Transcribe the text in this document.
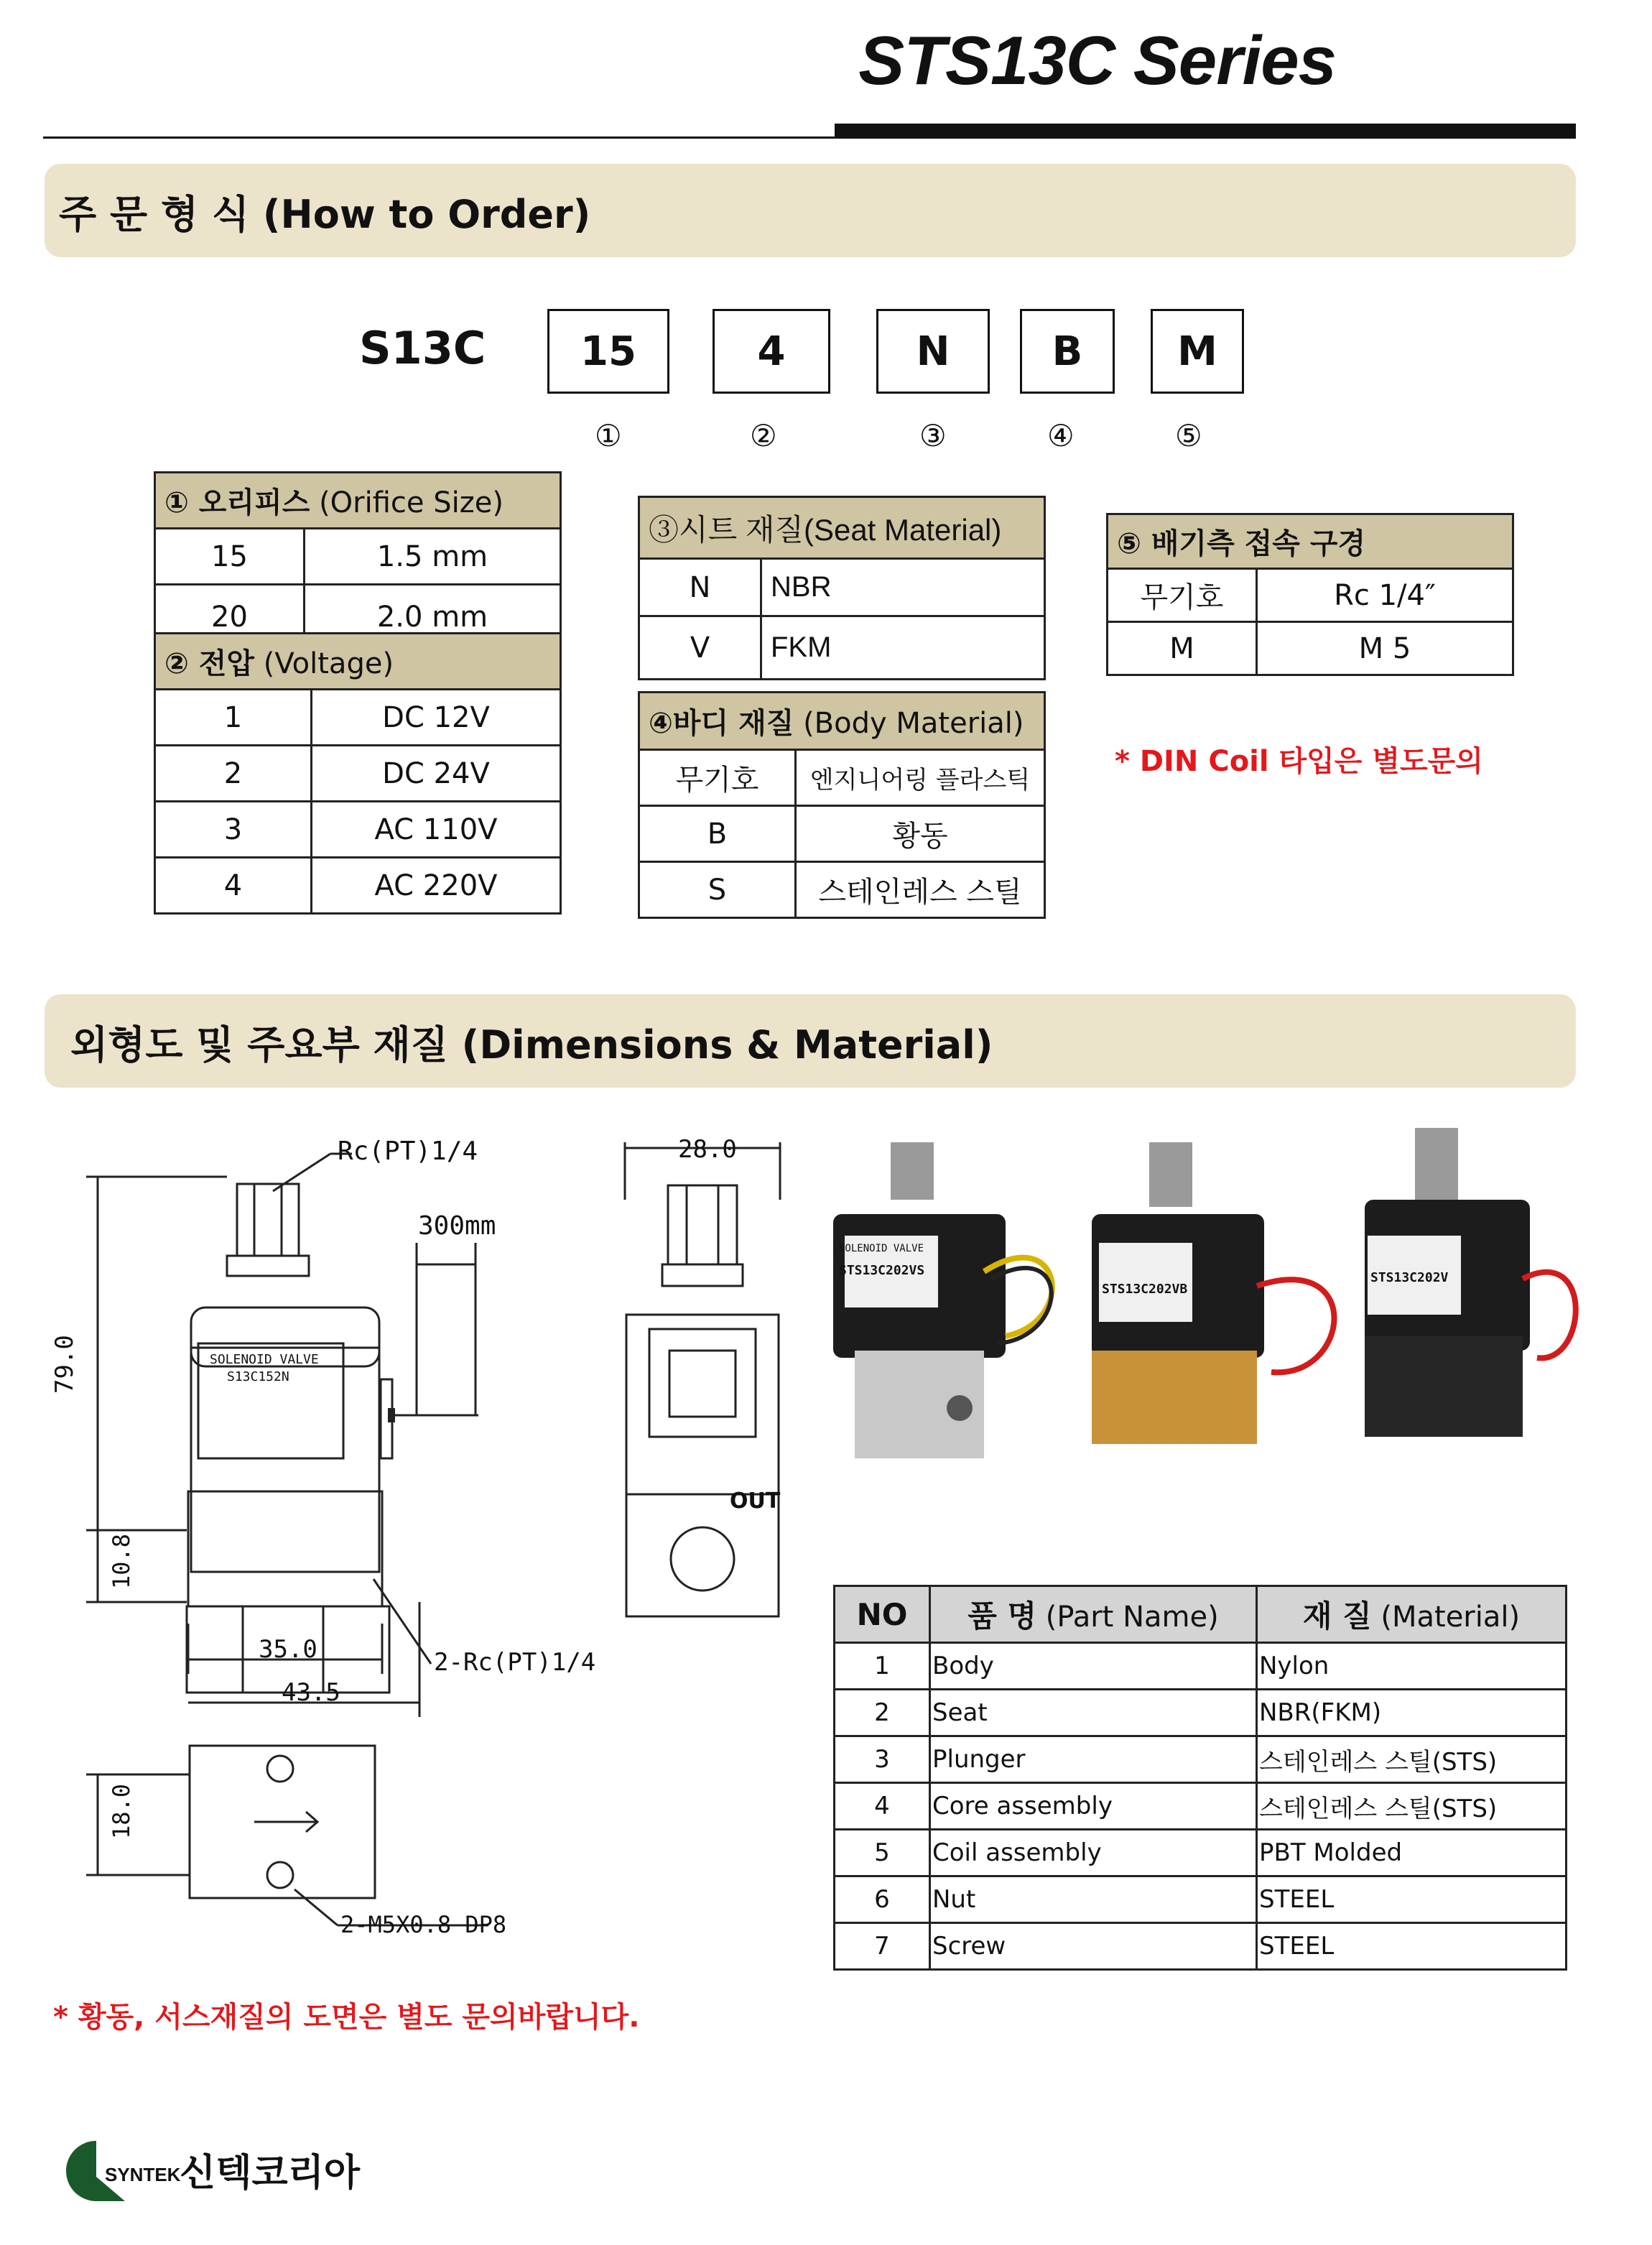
STS13C Series
주 문 형 식 (How to Order)
S13C	15	4	N	B	M
①	②	③	④	⑤
① 오리피스 (Orifice Size)	
15	1.5 mm
20	2.0 mm
② 전압 (Voltage)	
1	DC 12V
2	DC 24V
3	AC 110V
4	AC 220V
③시트 재질(Seat Material)	
N	NBR
V	FKM
④바디 재질 (Body Material)	
무기호	엔지니어링 플라스틱
B	황동
S	스테인레스 스틸
⑤ 배기측 접속 구경	
무기호	Rc 1/4″
M	M 5
* DIN Coil 타입은 별도문의
외형도 및 주요부 재질 (Dimensions & Material)
Rc(PT)1/4
300mm
79.0
10.8
35.0
43.5
2-Rc(PT)1/4
18.0
2-M5X0.8 DP8
SOLENOID VALVE
S13C152N
28.0
OUT
STS13C202VS
STS13C202VB
STS13C202V
SOLENOID VALVE
NO	품 명 (Part Name)	재 질 (Material)
1	Body	Nylon
2	Seat	NBR(FKM)
3	Plunger	스테인레스 스틸(STS)
4	Core assembly	스테인레스 스틸(STS)
5	Coil assembly	PBT Molded
6	Nut	STEEL
7	Screw	STEEL
* 황동, 서스재질의 도면은 별도 문의바랍니다.
SYNTEK
신텍코리아
